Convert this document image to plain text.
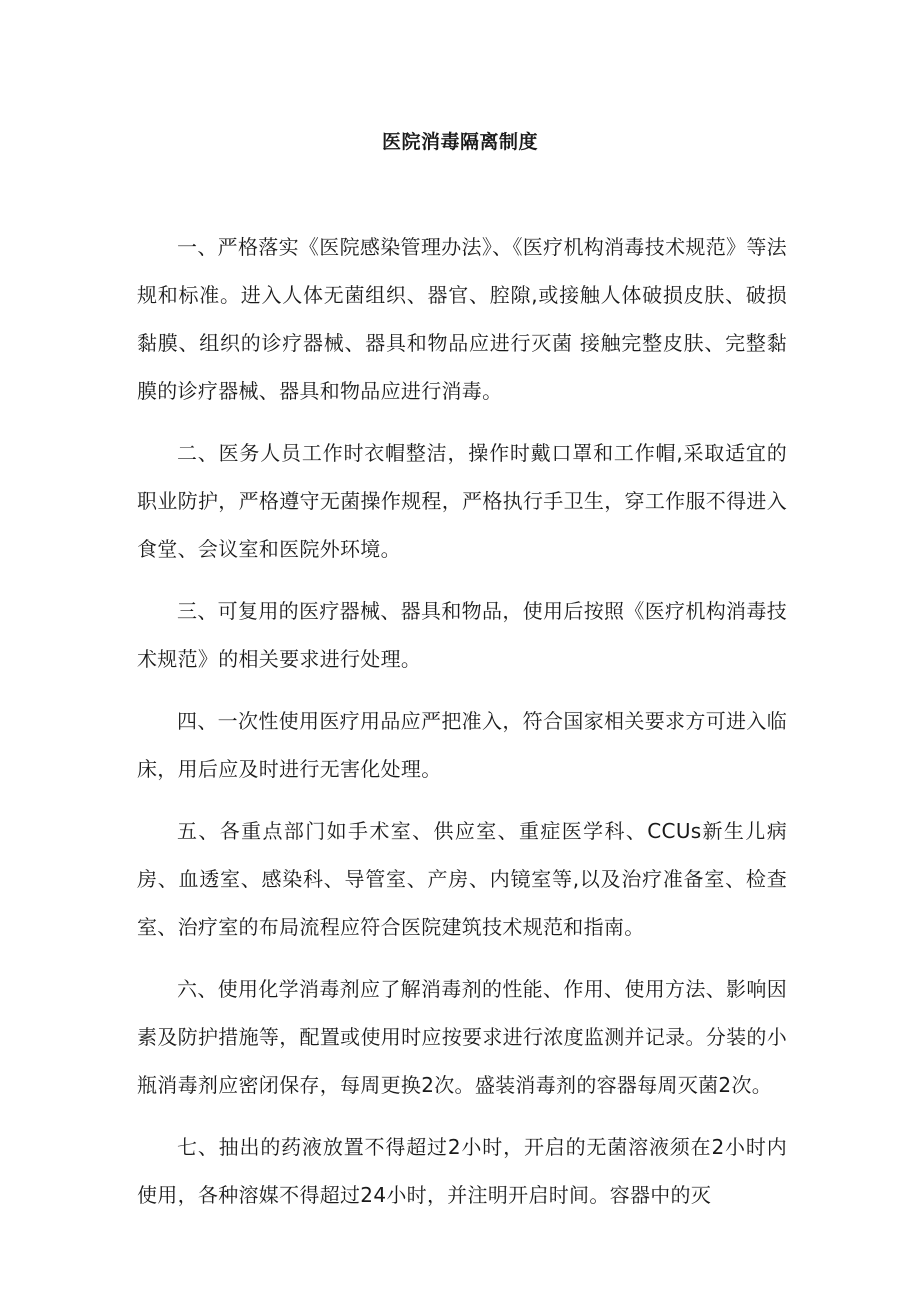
医院消毒隔离制度

一、严格落实《医院感染管理办法》、《医疗机构消毒技术规范》等法规和标准。进入人体无菌组织、器官、腔隙,或接触人体破损皮肤、破损黏膜、组织的诊疗器械、器具和物品应进行灭菌 接触完整皮肤、完整黏膜的诊疗器械、器具和物品应进行消毒。

二、医务人员工作时衣帽整洁，操作时戴口罩和工作帽,采取适宜的职业防护，严格遵守无菌操作规程，严格执行手卫生，穿工作服不得进入食堂、会议室和医院外环境。

三、可复用的医疗器械、器具和物品，使用后按照《医疗机构消毒技术规范》的相关要求进行处理。

四、一次性使用医疗用品应严把准入，符合国家相关要求方可进入临床，用后应及时进行无害化处理。

五、各重点部门如手术室、供应室、重症医学科、CCUs新生儿病房、血透室、感染科、导管室、产房、内镜室等,以及治疗准备室、检查室、治疗室的布局流程应符合医院建筑技术规范和指南。

六、使用化学消毒剂应了解消毒剂的性能、作用、使用方法、影响因素及防护措施等，配置或使用时应按要求进行浓度监测并记录。分装的小瓶消毒剂应密闭保存，每周更换2次。盛装消毒剂的容器每周灭菌2次。

七、抽出的药液放置不得超过2小时，开启的无菌溶液须在2小时内使用，各种溶媒不得超过24小时，并注明开启时间。容器中的灭
